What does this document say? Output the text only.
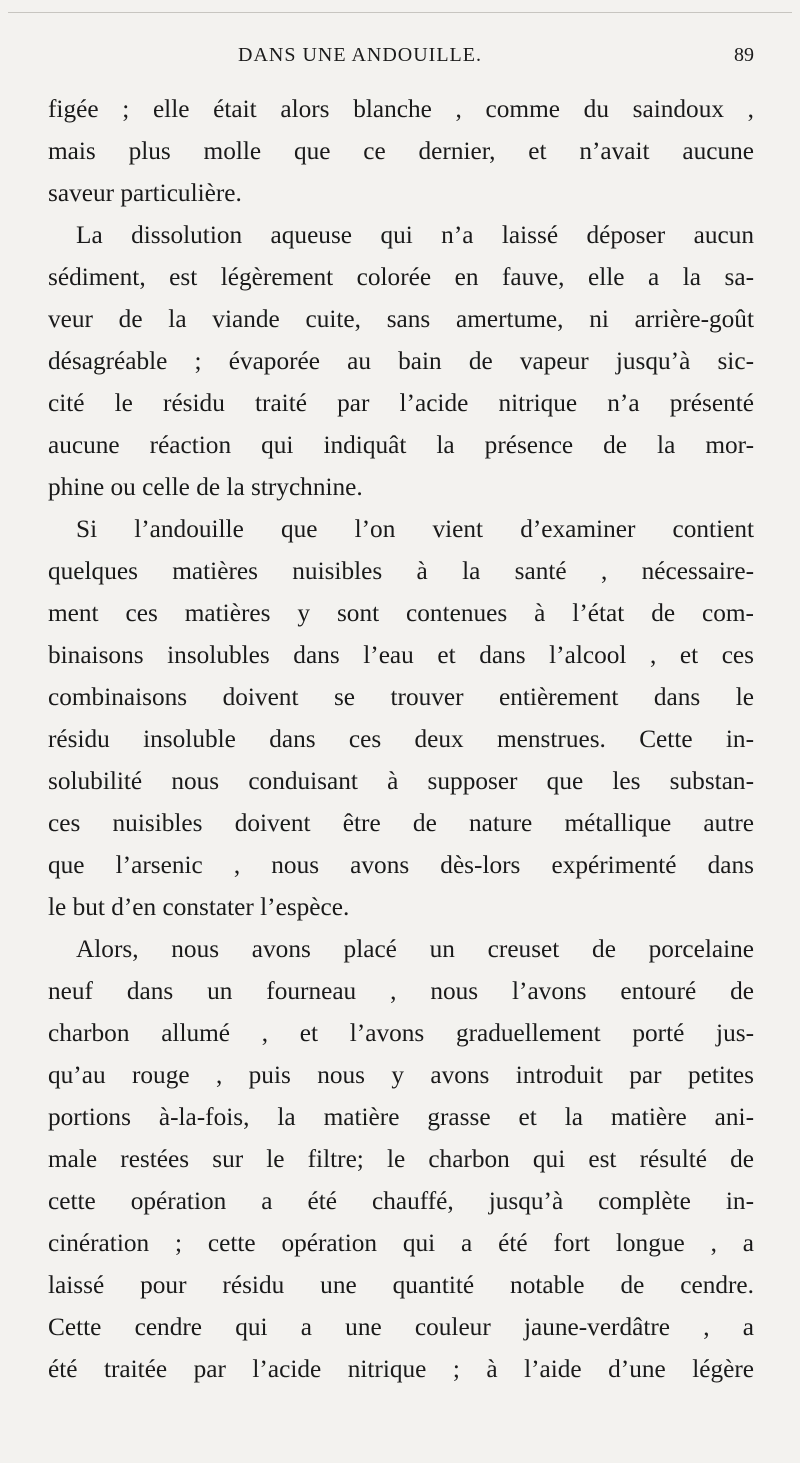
DANS UNE ANDOUILLE.	89
figée ; elle était alors blanche , comme du saindoux ,
mais plus molle que ce dernier, et n’avait aucune
saveur particulière.
La dissolution aqueuse qui n’a laissé déposer aucun
sédiment, est légèrement colorée en fauve, elle a la sa-
veur de la viande cuite, sans amertume, ni arrière-goût
désagréable ; évaporée au bain de vapeur jusqu’à sic-
cité le résidu traité par l’acide nitrique n’a présenté
aucune réaction qui indiquât la présence de la mor-
phine ou celle de la strychnine.
Si l’andouille que l’on vient d’examiner contient
quelques matières nuisibles à la santé , nécessaire-
ment ces matières y sont contenues à l’état de com-
binaisons insolubles dans l’eau et dans l’alcool , et ces
combinaisons doivent se trouver entièrement dans le
résidu insoluble dans ces deux menstrues. Cette in-
solubilité nous conduisant à supposer que les substan-
ces nuisibles doivent être de nature métallique autre
que l’arsenic , nous avons dès-lors expérimenté dans
le but d’en constater l’espèce.
Alors, nous avons placé un creuset de porcelaine
neuf dans un fourneau , nous l’avons entouré de
charbon allumé , et l’avons graduellement porté jus-
qu’au rouge , puis nous y avons introduit par petites
portions à-la-fois, la matière grasse et la matière ani-
male restées sur le filtre; le charbon qui est résulté de
cette opération a été chauffé, jusqu’à complète in-
cinération ; cette opération qui a été fort longue , a
laissé pour résidu une quantité notable de cendre.
Cette cendre qui a une couleur jaune-verdâtre , a
été traitée par l’acide nitrique ; à l’aide d’une légère
